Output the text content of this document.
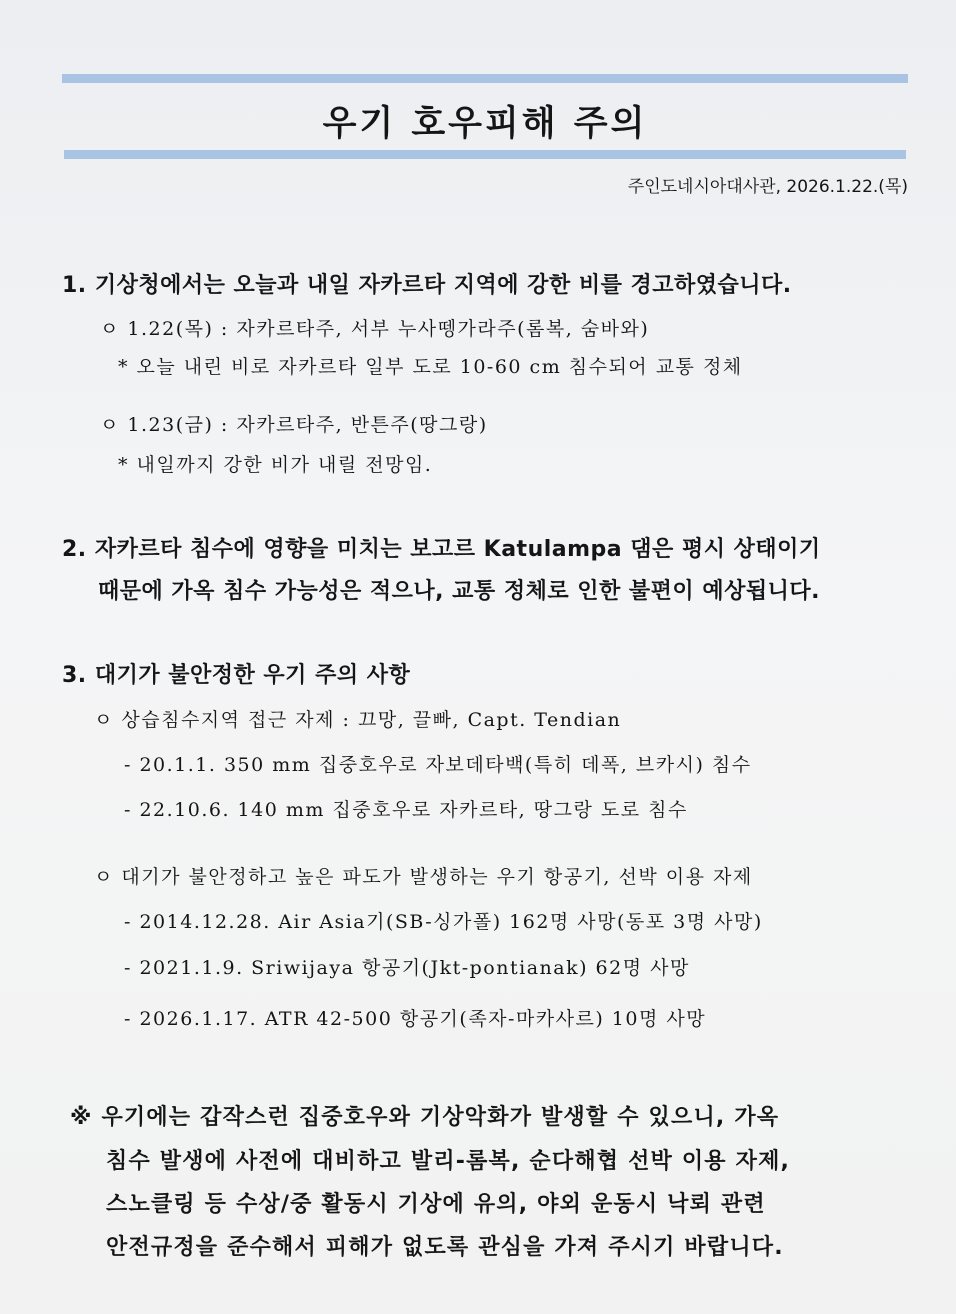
우기 호우피해 주의
주인도네시아대사관, 2026.1.22.(목)
1. 기상청에서는 오늘과 내일 자카르타 지역에 강한 비를 경고하였습니다.
ㅇ 1.22(목) : 자카르타주, 서부 누사뗑가라주(롬복, 숨바와)
* 오늘 내린 비로 자카르타 일부 도로 10-60 cm 침수되어 교통 정체
ㅇ 1.23(금) : 자카르타주, 반튼주(땅그랑)
* 내일까지 강한 비가 내릴 전망임.
2. 자카르타 침수에 영향을 미치는 보고르 Katulampa 댐은 평시 상태이기
때문에 가옥 침수 가능성은 적으나, 교통 정체로 인한 불편이 예상됩니다.
3. 대기가 불안정한 우기 주의 사항
ㅇ 상습침수지역 접근 자제 : 끄망, 끌빠, Capt. Tendian
- 20.1.1. 350 mm 집중호우로 자보데타백(특히 데폭, 브카시) 침수
- 22.10.6. 140 mm 집중호우로 자카르타, 땅그랑 도로 침수
ㅇ 대기가 불안정하고 높은 파도가 발생하는 우기 항공기, 선박 이용 자제
- 2014.12.28. Air Asia기(SB-싱가폴) 162명 사망(동포 3명 사망)
- 2021.1.9. Sriwijaya 항공기(Jkt-pontianak) 62명 사망
- 2026.1.17. ATR 42-500 항공기(족자-마카사르) 10명 사망
※ 우기에는 갑작스런 집중호우와 기상악화가 발생할 수 있으니, 가옥
침수 발생에 사전에 대비하고 발리-롬복, 순다해협 선박 이용 자제,
스노클링 등 수상/중 활동시 기상에 유의, 야외 운동시 낙뢰 관련
안전규정을 준수해서 피해가 없도록 관심을 가져 주시기 바랍니다.
